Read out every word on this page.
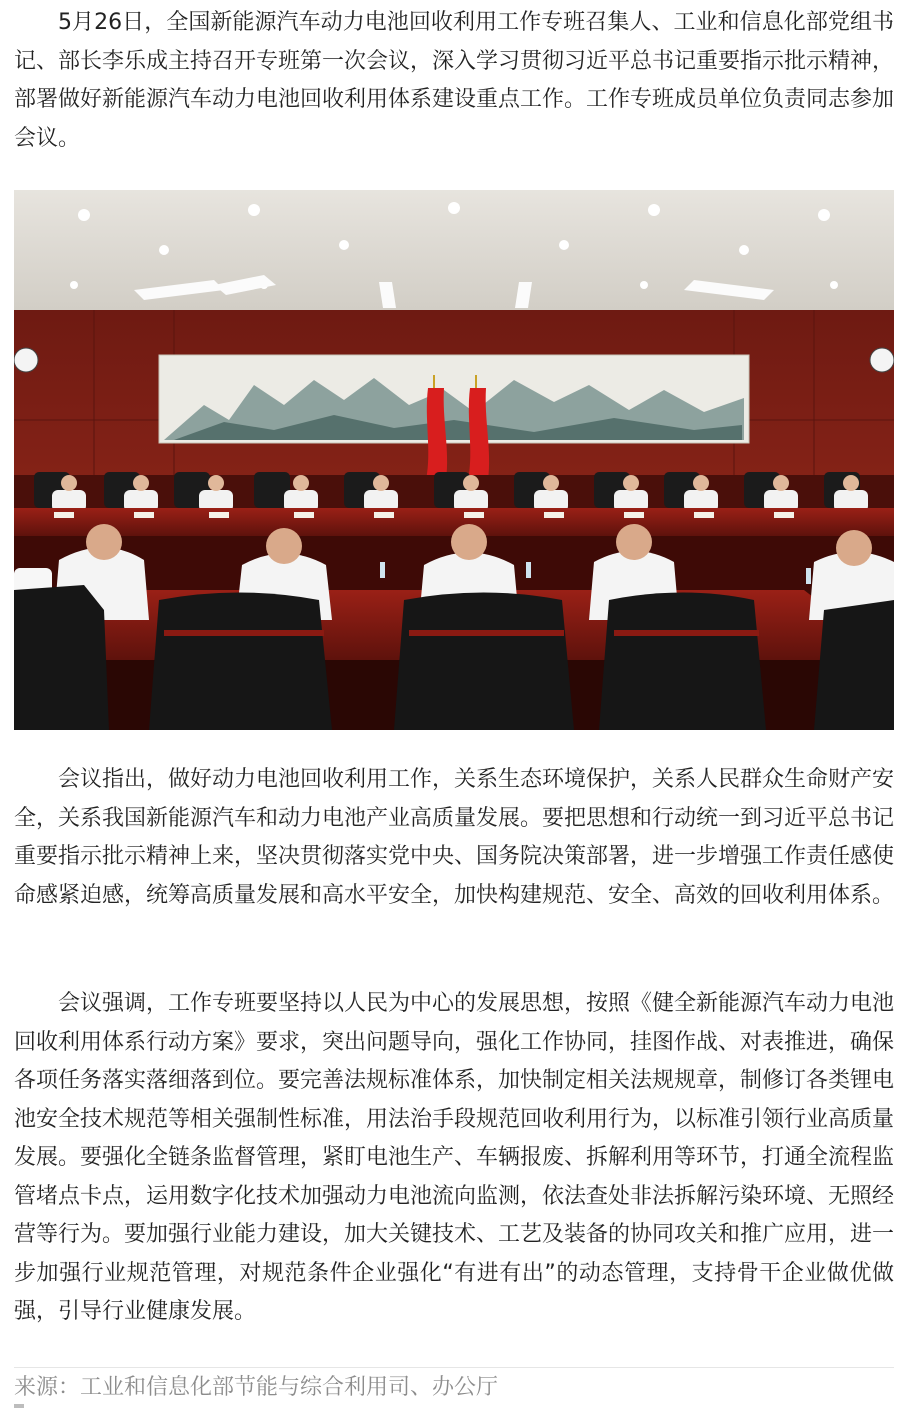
5月26日，全国新能源汽车动力电池回收利用工作专班召集人、工业和信息化部党组书记、部长李乐成主持召开专班第一次会议，深入学习贯彻习近平总书记重要指示批示精神，部署做好新能源汽车动力电池回收利用体系建设重点工作。工作专班成员单位负责同志参加会议。

会议指出，做好动力电池回收利用工作，关系生态环境保护，关系人民群众生命财产安全，关系我国新能源汽车和动力电池产业高质量发展。要把思想和行动统一到习近平总书记重要指示批示精神上来，坚决贯彻落实党中央、国务院决策部署，进一步增强工作责任感使命感紧迫感，统筹高质量发展和高水平安全，加快构建规范、安全、高效的回收利用体系。

会议强调，工作专班要坚持以人民为中心的发展思想，按照《健全新能源汽车动力电池回收利用体系行动方案》要求，突出问题导向，强化工作协同，挂图作战、对表推进，确保各项任务落实落细落到位。要完善法规标准体系，加快制定相关法规规章，制修订各类锂电池安全技术规范等相关强制性标准，用法治手段规范回收利用行为，以标准引领行业高质量发展。要强化全链条监督管理，紧盯电池生产、车辆报废、拆解利用等环节，打通全流程监管堵点卡点，运用数字化技术加强动力电池流向监测，依法查处非法拆解污染环境、无照经营等行为。要加强行业能力建设，加大关键技术、工艺及装备的协同攻关和推广应用，进一步加强行业规范管理，对规范条件企业强化“有进有出”的动态管理，支持骨干企业做优做强，引导行业健康发展。

来源：工业和信息化部节能与综合利用司、办公厅
